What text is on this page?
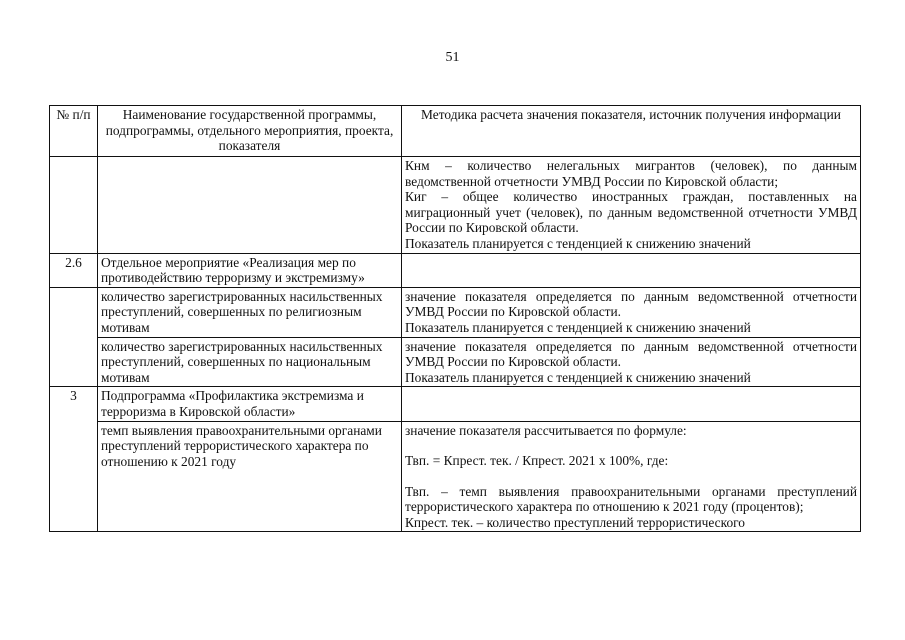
51
№ п/п	Наименование государственной программы, подпрограммы, отдельного мероприятия, проекта, показателя	Методика расчета значения показателя, источник получения информации

		Кнм – количество нелегальных мигрантов (человек), по данным ведомственной отчетности УМВД России по Кировской области;
Киг – общее количество иностранных граждан, поставленных на миграционный учет (человек), по данным ведомственной отчетности УМВД России по Кировской области.
Показатель планируется с тенденцией к снижению значений

2.6	Отдельное мероприятие «Реализация мер по противодействию терроризму и экстремизму»	
	количество зарегистрированных насильственных преступлений, совершенных по религиозным мотивам	значение показателя определяется по данным ведомственной отчетности УМВД России по Кировской области.
Показатель планируется с тенденцией к снижению значений

	количество зарегистрированных насильственных преступлений, совершенных по национальным мотивам	значение показателя определяется по данным ведомственной отчетности УМВД России по Кировской области.
Показатель планируется с тенденцией к снижению значений

3	Подпрограмма «Профилактика экстремизма и терроризма в Кировской области»	
	темп выявления правоохранительными органами преступлений террористического характера по отношению к 2021 году	значение показателя рассчитывается по формуле:
Твп. = Кпрест. тек. / Кпрест. 2021 х 100%, где:
Твп. – темп выявления правоохранительными органами преступлений террористического характера по отношению к 2021 году (процентов);
Кпрест. тек. – количество преступлений террористического
